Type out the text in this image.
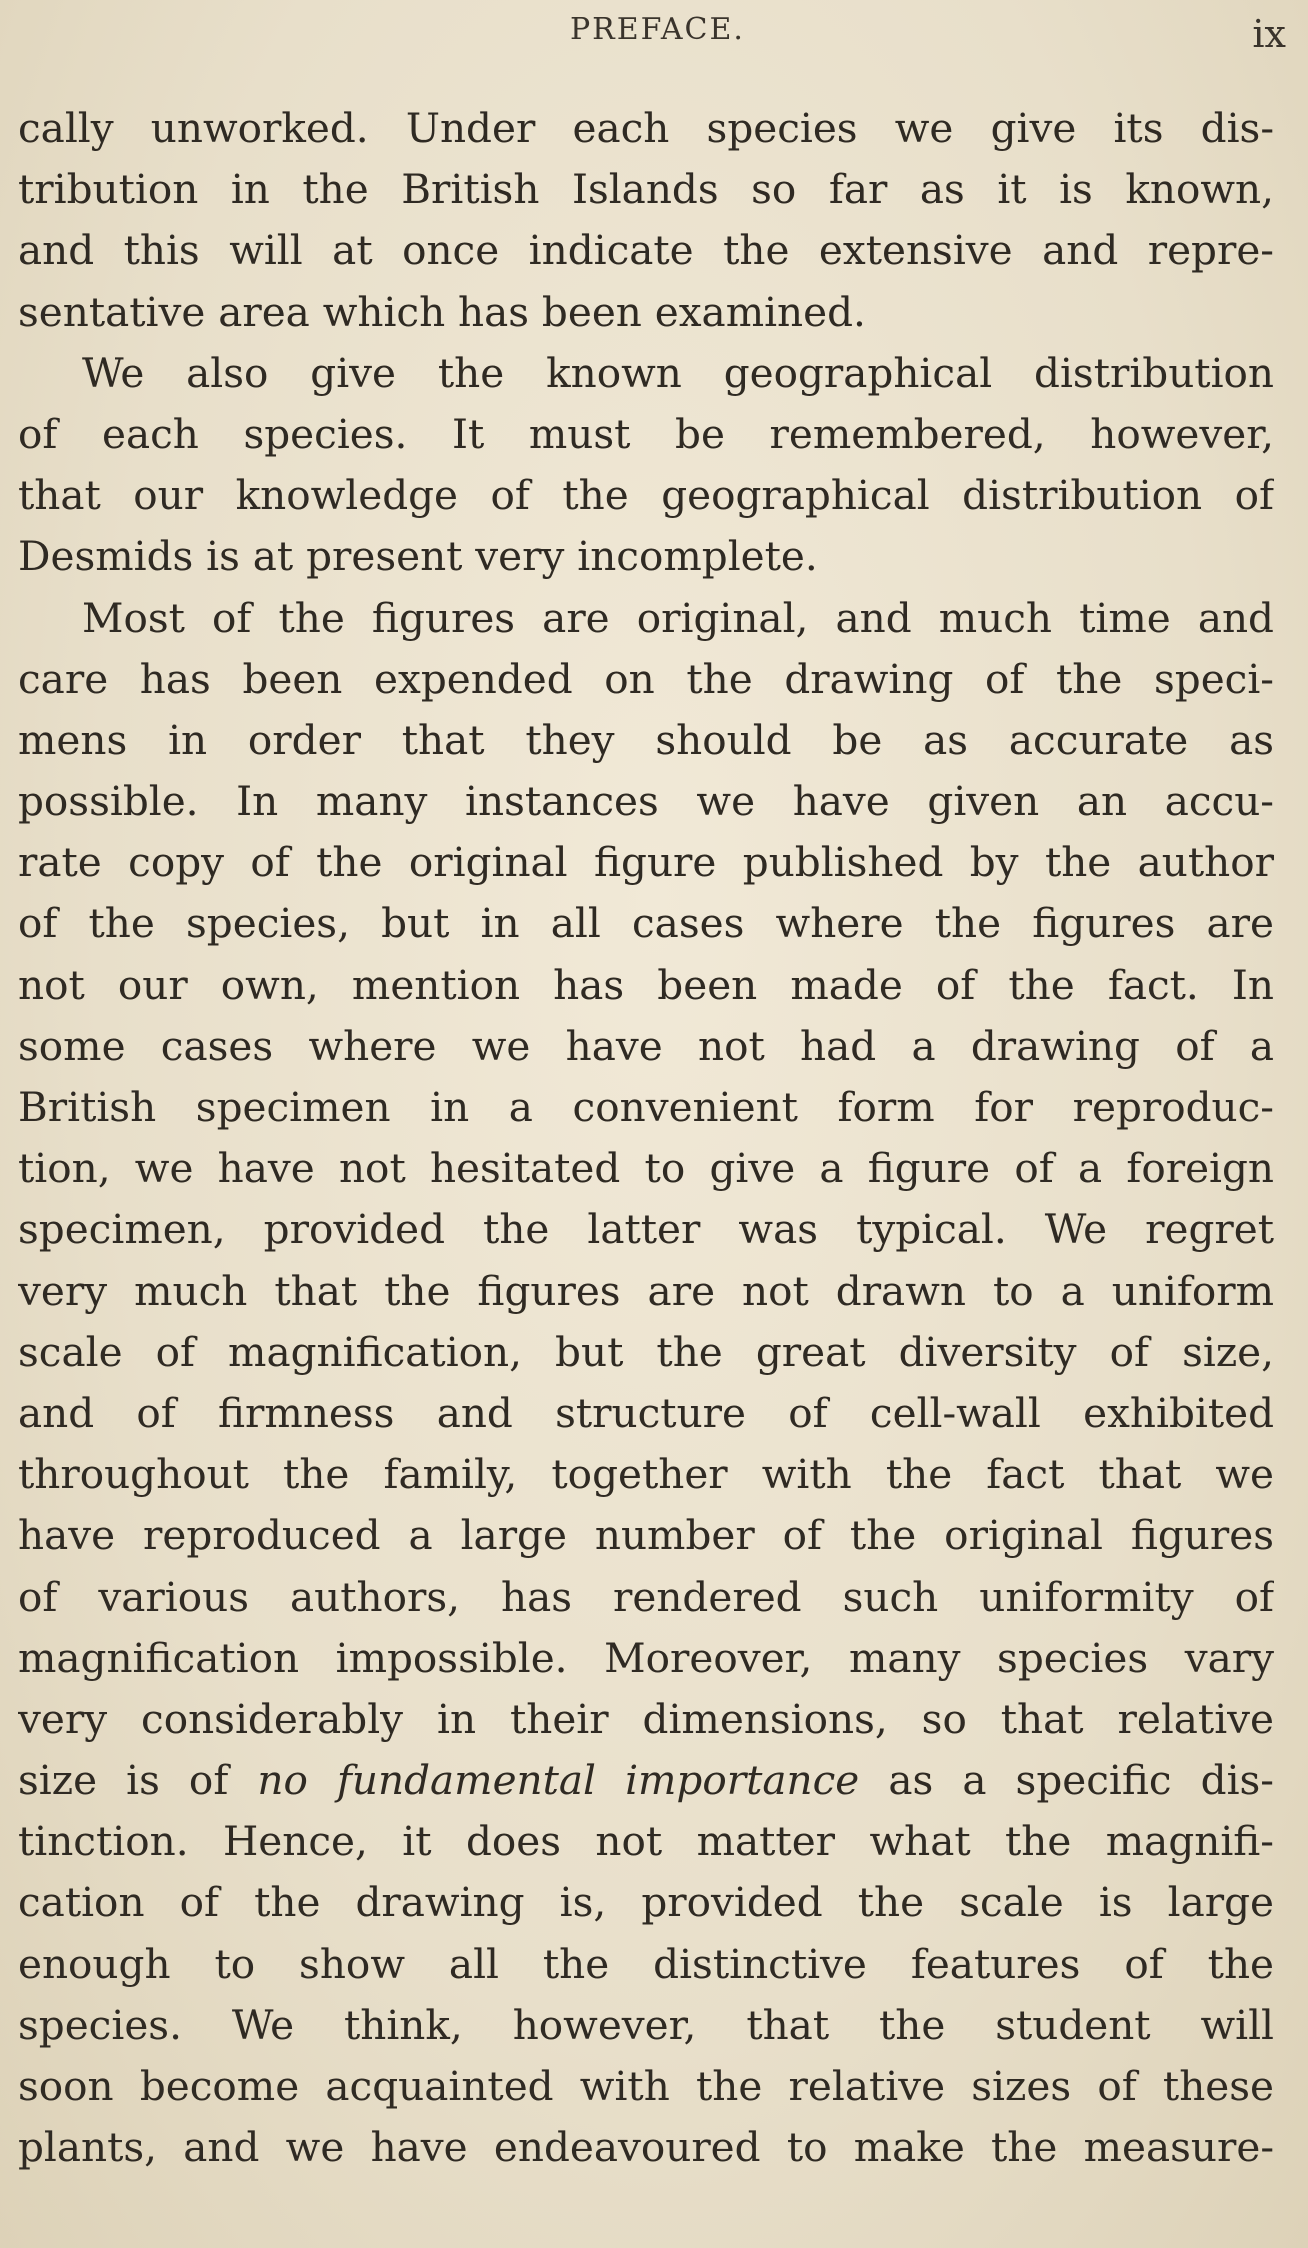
PREFACE.	ix
cally unworked. Under each species we give its dis-
tribution in the British Islands so far as it is known,
and this will at once indicate the extensive and repre-
sentative area which has been examined.
We also give the known geographical distribution
of each species. It must be remembered, however,
that our knowledge of the geographical distribution of
Desmids is at present very incomplete.
Most of the figures are original, and much time and
care has been expended on the drawing of the speci-
mens in order that they should be as accurate as
possible. In many instances we have given an accu-
rate copy of the original figure published by the author
of the species, but in all cases where the figures are
not our own, mention has been made of the fact. In
some cases where we have not had a drawing of a
British specimen in a convenient form for reproduc-
tion, we have not hesitated to give a figure of a foreign
specimen, provided the latter was typical. We regret
very much that the figures are not drawn to a uniform
scale of magnification, but the great diversity of size,
and of firmness and structure of cell-wall exhibited
throughout the family, together with the fact that we
have reproduced a large number of the original figures
of various authors, has rendered such uniformity of
magnification impossible. Moreover, many species vary
very considerably in their dimensions, so that relative
size is of no fundamental importance as a specific dis-
tinction. Hence, it does not matter what the magnifi-
cation of the drawing is, provided the scale is large
enough to show all the distinctive features of the
species. We think, however, that the student will
soon become acquainted with the relative sizes of these
plants, and we have endeavoured to make the measure-
